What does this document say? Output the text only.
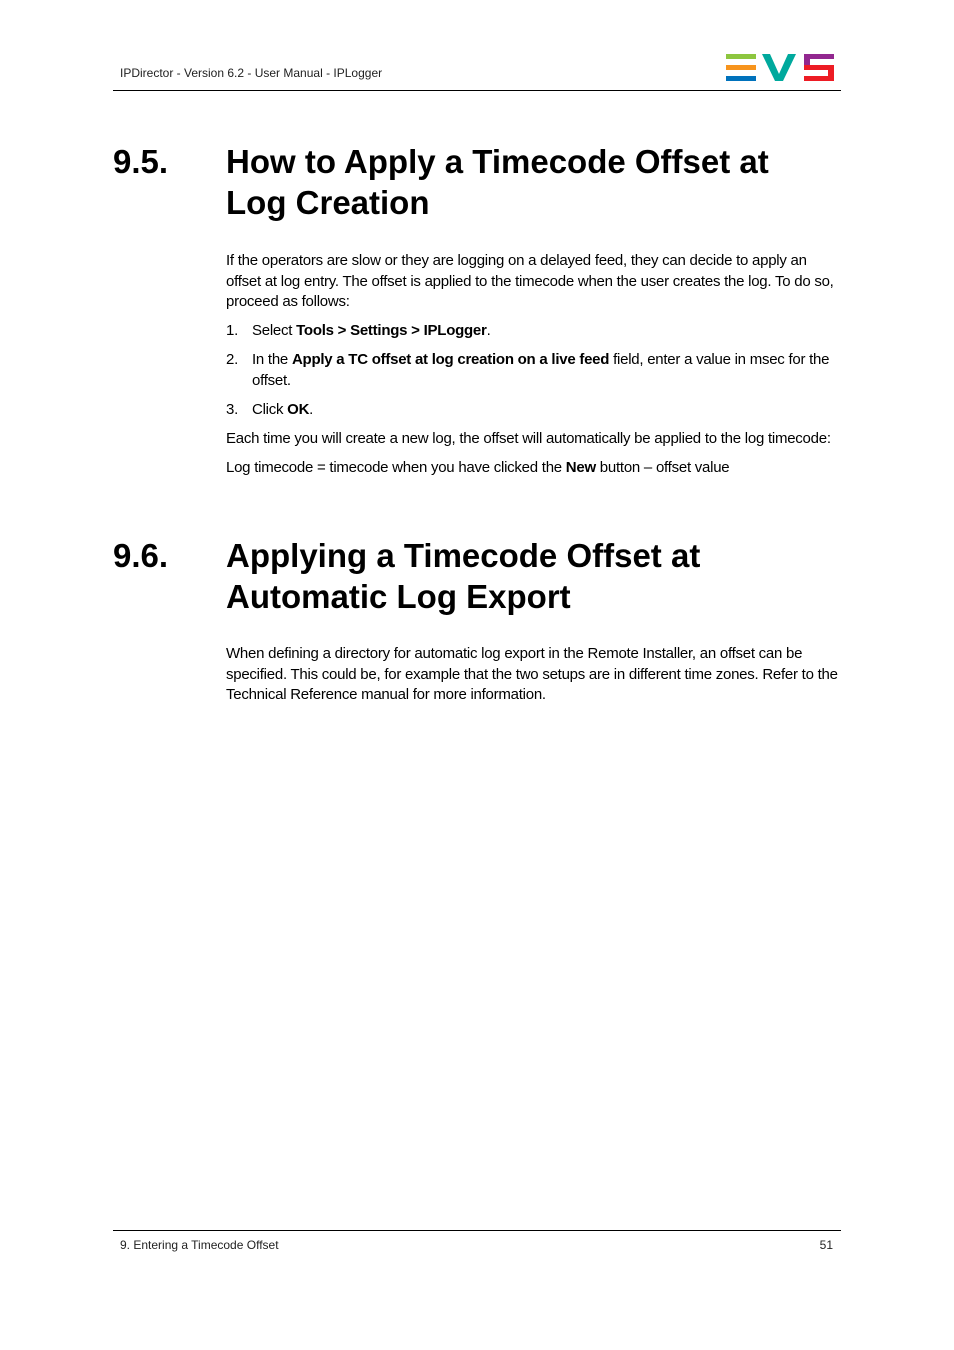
IPDirector - Version 6.2 - User Manual - IPLogger
9.5. How to Apply a Timecode Offset at
Log Creation

If the operators are slow or they are logging on a delayed feed, they can decide to apply an offset at log entry. The offset is applied to the timecode when the user creates the log. To do so, proceed as follows:

1. Select Tools > Settings > IPLogger.
2. In the Apply a TC offset at log creation on a live feed field, enter a value in msec for the offset.
3. Click OK.

Each time you will create a new log, the offset will automatically be applied to the log timecode:

Log timecode = timecode when you have clicked the New button – offset value

9.6. Applying a Timecode Offset at
Automatic Log Export

When defining a directory for automatic log export in the Remote Installer, an offset can be specified. This could be, for example that the two setups are in different time zones. Refer to the Technical Reference manual for more information.

9. Entering a Timecode Offset	51
